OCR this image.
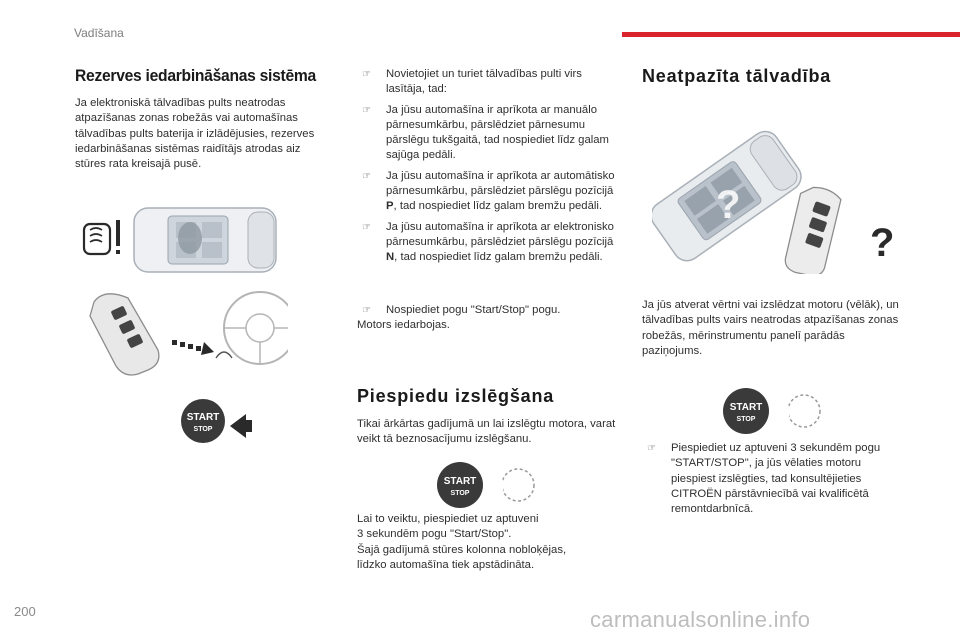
Vadīšana
Rezerves iedarbināšanas sistēma
Ja elektroniskā tālvadības pults neatrodas atpazīšanas zonas robežās vai automašīnas tālvadības pults baterija ir izlādējusies, rezerves iedarbināšanas sistēmas raidītājs atrodas aiz stūres rata kreisajā pusē.
START
STOP
☞ Novietojiet un turiet tālvadības pulti virs lasītāja, tad:
☞ Ja jūsu automašīna ir aprīkota ar manuālo pārnesumkārbu, pārslēdziet pārnesumu pārslēgu tukšgaitā, tad nospiediet līdz galam sajūga pedāli.
☞ Ja jūsu automašīna ir aprīkota ar automātisko pārnesumkārbu, pārslēdziet pārslēgu pozīcijā P, tad nospiediet līdz galam bremžu pedāli.
☞ Ja jūsu automašīna ir aprīkota ar elektronisko pārnesumkārbu, pārslēdziet pārslēgu pozīcijā N, tad nospiediet līdz galam bremžu pedāli.
☞ Nospiediet pogu "Start/Stop" pogu.
Motors iedarbojas.
Piespiedu izslēgšana
Tikai ārkārtas gadījumā un lai izslēgtu motora, varat veikt tā beznosacījumu izslēgšanu.
START
STOP +3s
Lai to veiktu, piespiediet uz aptuveni
3 sekundēm pogu "Start/Stop".
Šajā gadījumā stūres kolonna nobloķējas,
līdzko automašīna tiek apstādināta.
Neatpazīta tālvadība
?
?
Ja jūs atverat vērtni vai izslēdzat motoru (vēlāk), un tālvadības pults vairs neatrodas atpazīšanas zonas robežās, mērinstrumentu panelī parādās paziņojums.
START
STOP +3s
☞ Piespiediet uz aptuveni 3 sekundēm pogu "START/STOP", ja jūs vēlaties motoru piespiest izslēgties, tad konsultējieties CITROËN pārstāvniecībā vai kvalificētā remontdarbnīcā.
200	carmanualsonline.info
